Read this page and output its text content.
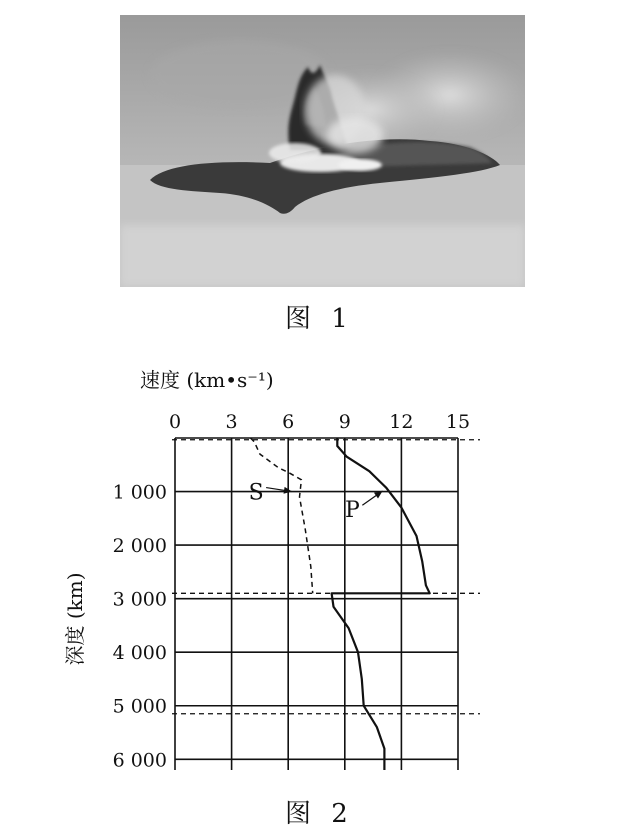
图 1
速度 (km•s⁻¹)
0 3 6 9 12 15
S
P
1 000
2 000
3 000
4 000
5 000
6 000
深度 (km)
图 2
